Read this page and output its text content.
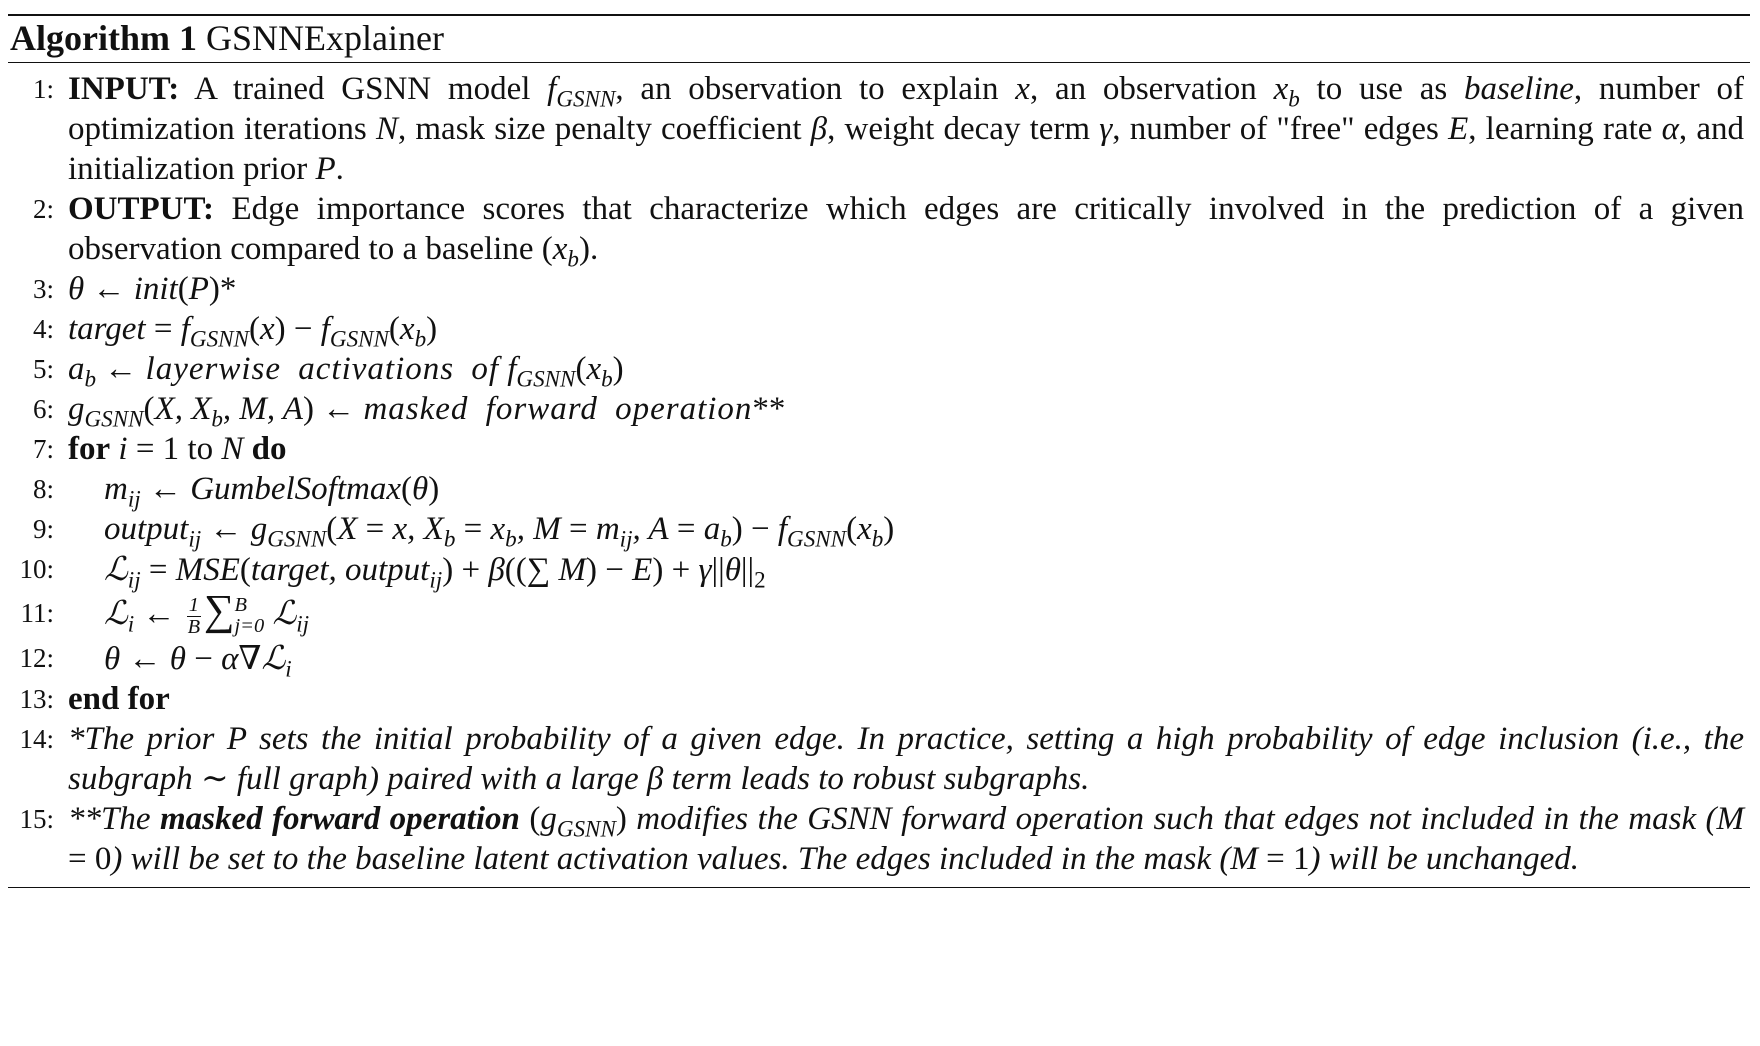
Algorithm 1 GSNNExplainer
1: INPUT: A trained GSNN model $f_{GSNN}$, an observation to explain x, an observation $x_b$ to use as baseline, number of optimization iterations N, mask size penalty coefficient β, weight decay term γ, number of "free" edges E, learning rate α, and initialization prior P.
2: OUTPUT: Edge importance scores that characterize which edges are critically involved in the prediction of a given observation compared to a baseline $(x_b)$.
3: θ ← init(P)*
4: target = $f_{GSNN}(x) - f_{GSNN}(x_b)$
5: $a_b$ ← layerwise activations of $f_{GSNN}(x_b)$
6: $g_{GSNN}(X$, $X_b$, M, A) ← masked forward operation**
7: for i = 1 to N do
8:	$m_{ij}$ ← GumbelSoftmax(θ)
9:	output$_{ij}$ ← $g_{GSNN}(X = x$, $X_b = x_b$, $M = m_{ij}$, $A = a_b) - f_{GSNN}(x_b)$
10:	ℒ$_{ij}$ = MSE(target, output$_{ij}$) + β((∑ $M) - E) + \gamma||\theta||_2$
11:	ℒ$_i$ ← $\frac{1}{B}$ ∑ B
j=0 ℒ$_{ij}$
12:	θ ← θ − α∇ℒ$_i$
13: end for
14: *The prior P sets the initial probability of a given edge. In practice, setting a high probability of edge inclusion (i.e., the subgraph ∼ full graph) paired with a large β term leads to robust subgraphs.
15: **The masked forward operation $(g_{GSNN})$ modifies the GSNN forward operation such that edges not included in the mask (M = 0) will be set to the baseline latent activation values. The edges included in the mask (M = 1) will be unchanged.
